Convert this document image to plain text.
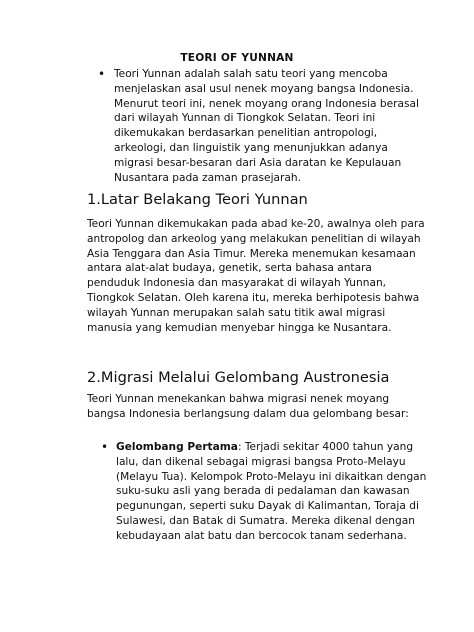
TEORI OF YUNNAN
• Teori Yunnan adalah salah satu teori yang mencoba menjelaskan asal usul nenek moyang bangsa Indonesia. Menurut teori ini, nenek moyang orang Indonesia berasal dari wilayah Yunnan di Tiongkok Selatan. Teori ini dikemukakan berdasarkan penelitian antropologi, arkeologi, dan linguistik yang menunjukkan adanya migrasi besar-besaran dari Asia daratan ke Kepulauan Nusantara pada zaman prasejarah.
1.Latar Belakang Teori Yunnan

Teori Yunnan dikemukakan pada abad ke-20, awalnya oleh para antropolog dan arkeolog yang melakukan penelitian di wilayah Asia Tenggara dan Asia Timur. Mereka menemukan kesamaan antara alat-alat budaya, genetik, serta bahasa antara penduduk Indonesia dan masyarakat di wilayah Yunnan, Tiongkok Selatan. Oleh karena itu, mereka berhipotesis bahwa wilayah Yunnan merupakan salah satu titik awal migrasi manusia yang kemudian menyebar hingga ke Nusantara.

2.Migrasi Melalui Gelombang Austronesia

Teori Yunnan menekankan bahwa migrasi nenek moyang bangsa Indonesia berlangsung dalam dua gelombang besar:

• Gelombang Pertama: Terjadi sekitar 4000 tahun yang lalu, dan dikenal sebagai migrasi bangsa Proto-Melayu (Melayu Tua). Kelompok Proto-Melayu ini dikaitkan dengan suku-suku asli yang berada di pedalaman dan kawasan pegunungan, seperti suku Dayak di Kalimantan, Toraja di Sulawesi, dan Batak di Sumatra. Mereka dikenal dengan kebudayaan alat batu dan bercocok tanam sederhana.
